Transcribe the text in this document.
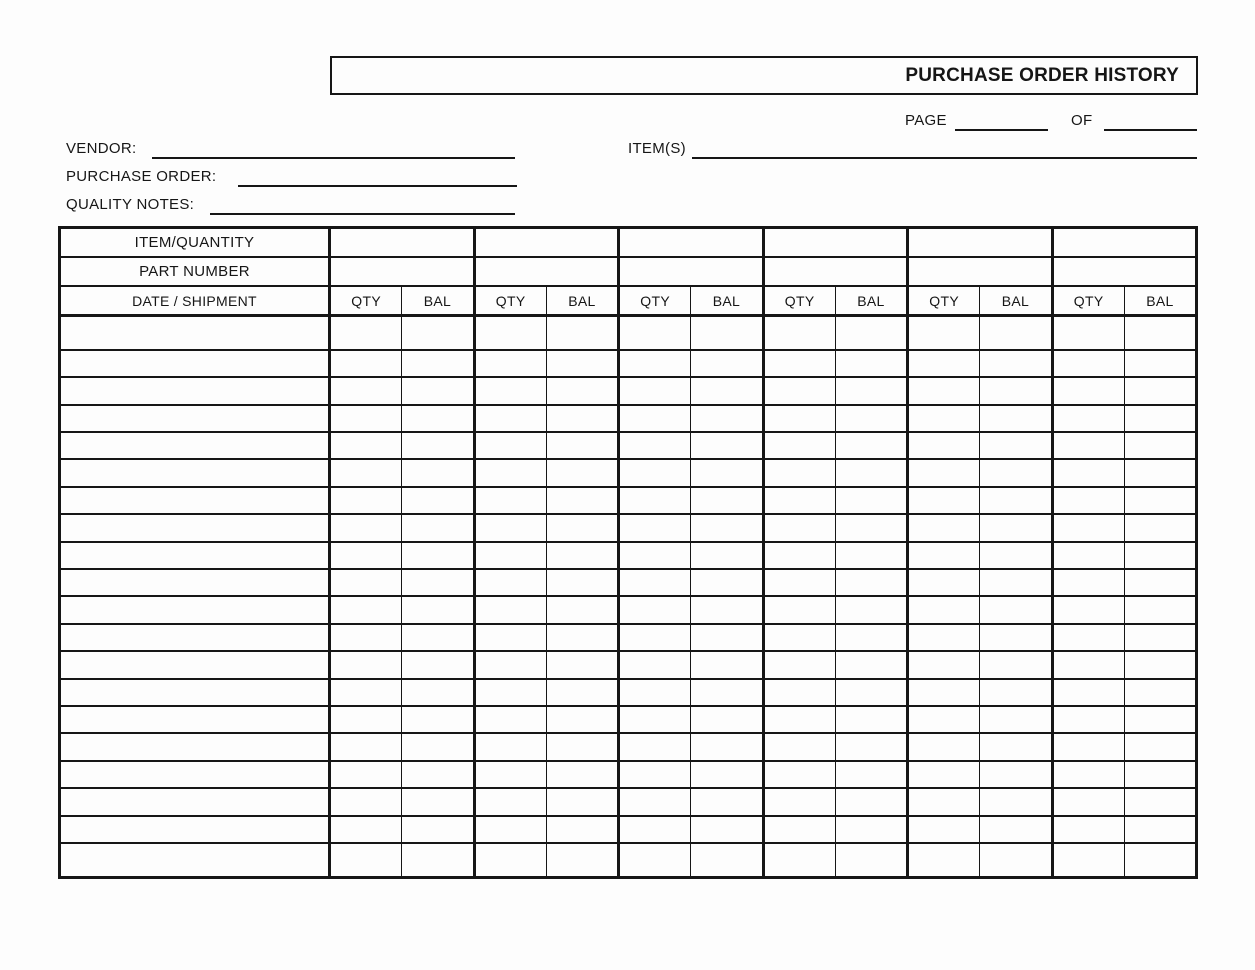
PURCHASE ORDER HISTORY
PAGE	OF
VENDOR:
PURCHASE ORDER:
QUALITY NOTES:
ITEM(S)
ITEM/QUANTITY												
PART NUMBER												
DATE / SHIPMENT	QTY	BAL	QTY	BAL	QTY	BAL	QTY	BAL	QTY	BAL	QTY	BAL
